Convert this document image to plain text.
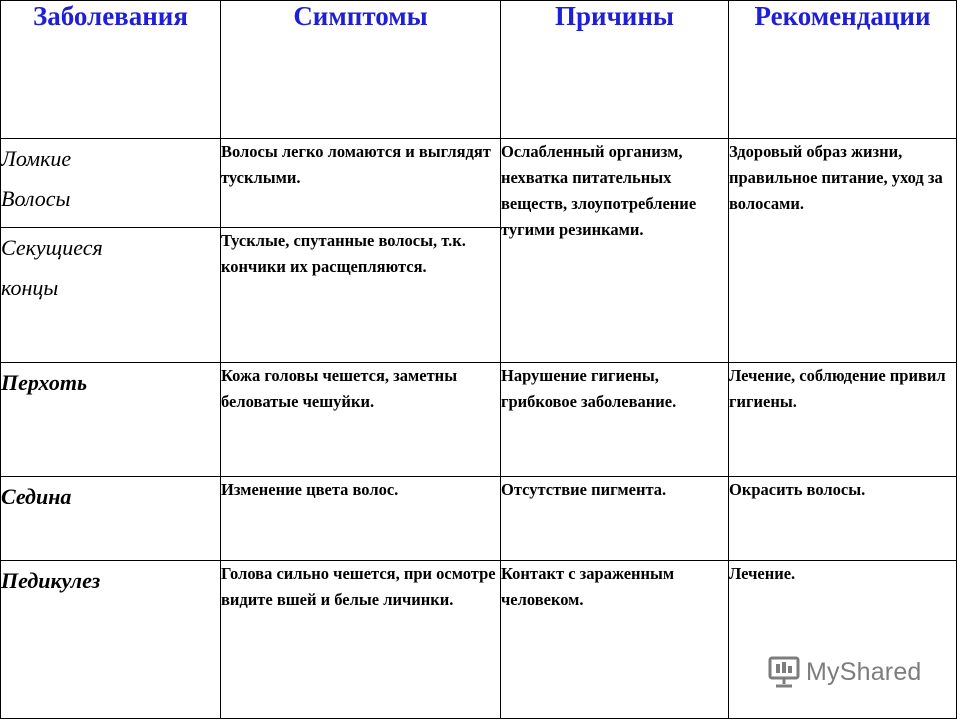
Заболевания	Симптомы	Причины	Рекомендации

Ломкие
Волосы	Волосы легко ломаются и выглядят тусклыми.	Ослабленный организм, нехватка питательных веществ, злоупотребление тугими резинками.	Здоровый образ жизни, правильное питание, уход за волосами.

Секущиеся
концы	Тусклые, спутанные волосы, т.к. кончики их расщепляются.		

Перхоть	Кожа головы чешется, заметны беловатые чешуйки.	Нарушение гигиены, грибковое заболевание.	Лечение, соблюдение привил гигиены.

Седина	Изменение цвета волос.	Отсутствие пигмента.	Окрасить волосы.

Педикулез	Голова сильно чешется, при осмотре видите вшей и белые личинки.	Контакт с зараженным человеком.	Лечение.
MyShared
